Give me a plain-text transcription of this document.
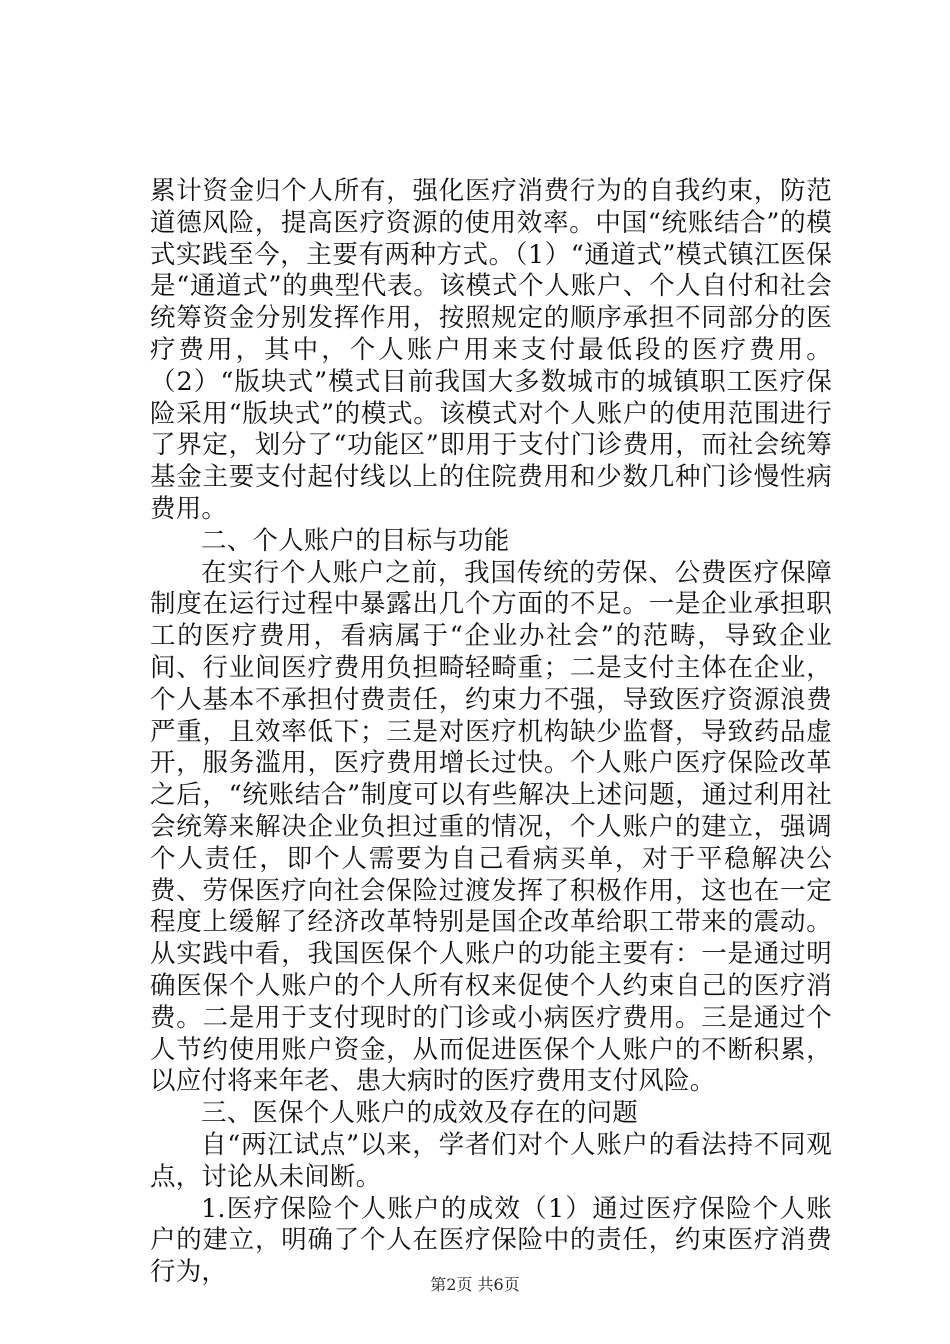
累计资金归个人所有，强化医疗消费行为的自我约束，防范道德风险，提高医疗资源的使用效率。中国“统账结合”的模式实践至今，主要有两种方式。（1）“通道式”模式镇江医保是“通道式”的典型代表。该模式个人账户、个人自付和社会统筹资金分别发挥作用，按照规定的顺序承担不同部分的医疗费用，其中，个人账户用来支付最低段的医疗费用。（2）“版块式”模式目前我国大多数城市的城镇职工医疗保险采用“版块式”的模式。该模式对个人账户的使用范围进行了界定，划分了“功能区”即用于支付门诊费用，而社会统筹基金主要支付起付线以上的住院费用和少数几种门诊慢性病费用。

二、个人账户的目标与功能

在实行个人账户之前，我国传统的劳保、公费医疗保障制度在运行过程中暴露出几个方面的不足。一是企业承担职工的医疗费用，看病属于“企业办社会”的范畴，导致企业间、行业间医疗费用负担畸轻畸重；二是支付主体在企业，个人基本不承担付费责任，约束力不强，导致医疗资源浪费严重，且效率低下；三是对医疗机构缺少监督，导致药品虚开，服务滥用，医疗费用增长过快。个人账户医疗保险改革之后，“统账结合”制度可以有些解决上述问题，通过利用社会统筹来解决企业负担过重的情况，个人账户的建立，强调个人责任，即个人需要为自己看病买单，对于平稳解决公费、劳保医疗向社会保险过渡发挥了积极作用，这也在一定程度上缓解了经济改革特别是国企改革给职工带来的震动。从实践中看，我国医保个人账户的功能主要有：一是通过明确医保个人账户的个人所有权来促使个人约束自己的医疗消费。二是用于支付现时的门诊或小病医疗费用。三是通过个人节约使用账户资金，从而促进医保个人账户的不断积累，以应付将来年老、患大病时的医疗费用支付风险。

三、医保个人账户的成效及存在的问题

自“两江试点”以来，学者们对个人账户的看法持不同观点，讨论从未间断。

1.医疗保险个人账户的成效（1）通过医疗保险个人账户的建立，明确了个人在医疗保险中的责任，约束医疗消费行为，	第2页 共6页
